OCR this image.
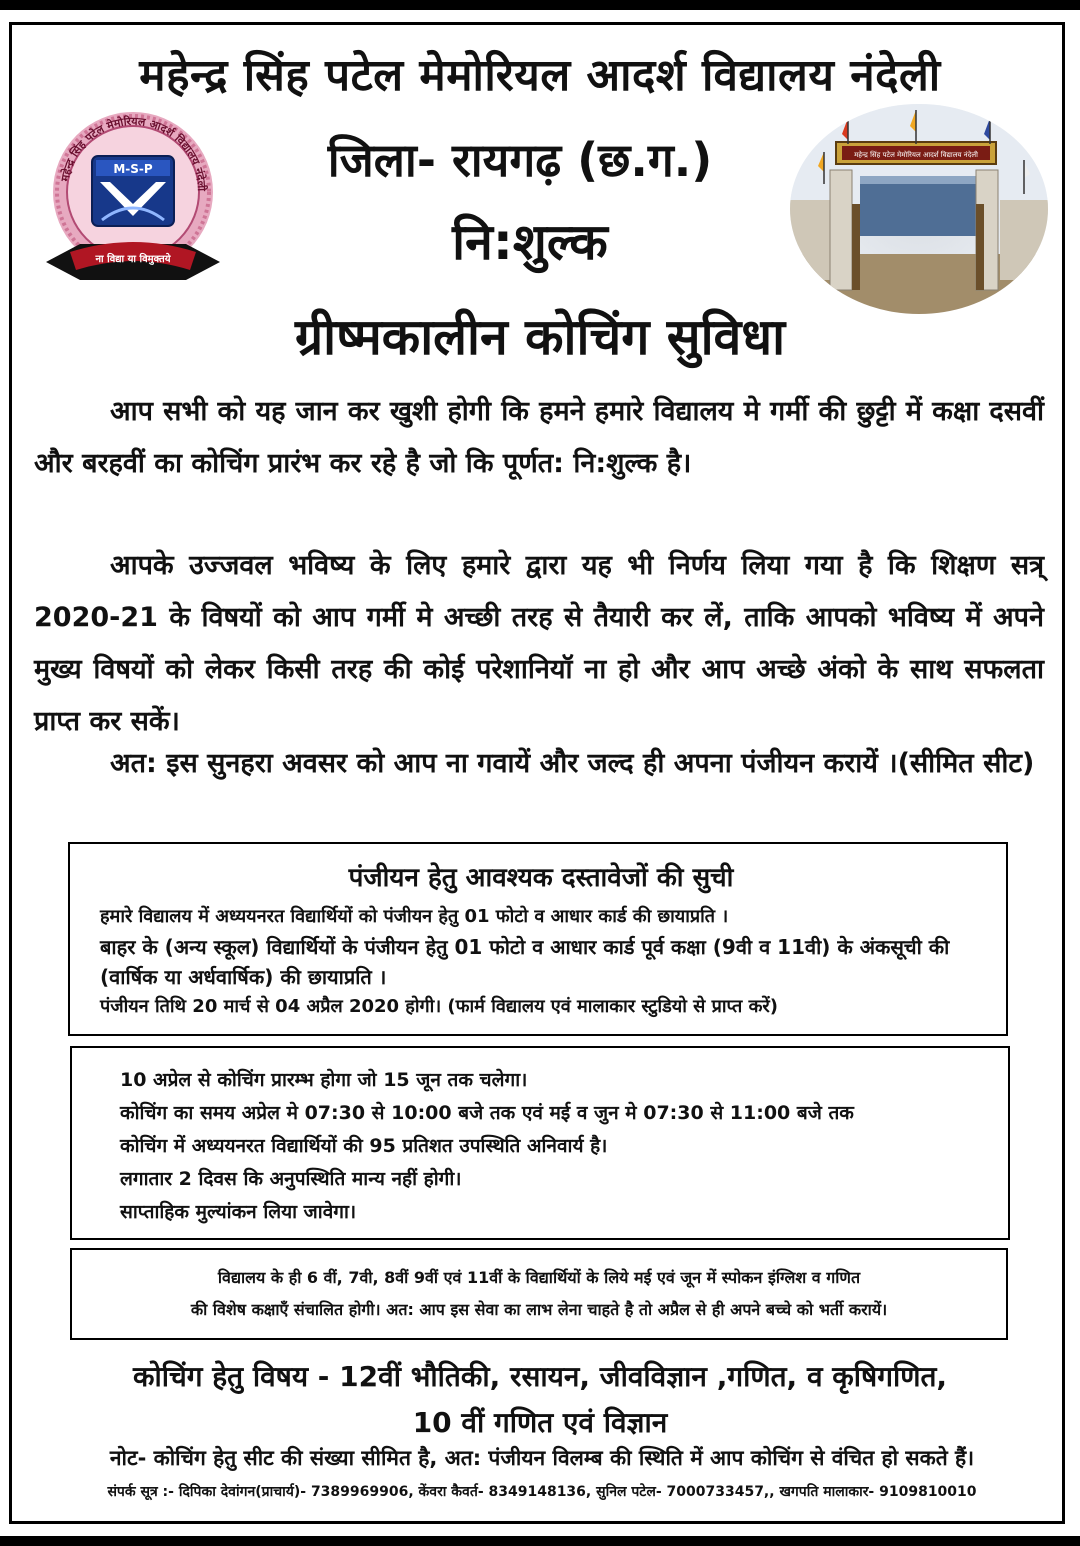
महेन्द्र सिंह पटेल मेमोरियल आदर्श विद्यालय नंदेली
महेन्द्र सिंह पटेल मेमोरियल आदर्श विद्यालय नंदेली
M-S-P
ना विद्या या विमुक्तये
जिला- रायगढ़ (छ.ग.)	महेन्द्र सिंह पटेल मेमोरियल आदर्श विद्यालय नंदेली
नि:शुल्क
ग्रीष्मकालीन कोचिंग सुविधा
आप सभी को यह जान कर खुशी होगी कि हमने हमारे विद्यालय मे गर्मी की छुट्टी में कक्षा दसवीं और बरहवीं का कोचिंग प्रारंभ कर रहे है जो कि पूर्णत: नि:शुल्क है।
आपके उज्जवल भविष्य के लिए हमारे द्वारा यह भी निर्णय लिया गया है कि शिक्षण सत्र् 2020-21 के विषयों को आप गर्मी मे अच्छी तरह से तैयारी कर लें, ताकि आपको भविष्य में अपने मुख्य विषयों को लेकर किसी तरह की कोई परेशानियॉ ना हो और आप अच्छे अंको के साथ सफलता प्राप्त कर सकें।
अत: इस सुनहरा अवसर को आप ना गवायें और जल्द ही अपना पंजीयन करायें ।(सीमित सीट)
पंजीयन हेतु आवश्यक दस्तावेजों की सुची
हमारे विद्यालय में अध्ययनरत विद्यार्थियों को पंजीयन हेतु 01 फोटो व आधार कार्ड की छायाप्रति ।
बाहर के (अन्य स्कूल) विद्यार्थियों के पंजीयन हेतु 01 फोटो व आधार कार्ड पूर्व कक्षा (9वी व 11वी) के अंकसूची की (वार्षिक या अर्धवार्षिक) की छायाप्रति ।
पंजीयन तिथि 20 मार्च से 04 अप्रैल 2020 होगी। (फार्म विद्यालय एवं मालाकार स्टुडियो से प्राप्त करें)
10 अप्रेल से कोचिंग प्रारम्भ होगा जो 15 जून तक चलेगा।
कोचिंग का समय अप्रेल मे 07:30 से 10:00 बजे तक एवं मई व जुन मे 07:30 से 11:00 बजे तक
कोचिंग में अध्ययनरत विद्यार्थियों की 95 प्रतिशत उपस्थिति अनिवार्य है।
लगातार 2 दिवस कि अनुपस्थिति मान्य नहीं होगी।
साप्ताहिक मुल्यांकन लिया जावेगा।
विद्यालय के ही 6 वीं, 7वी, 8वीं 9वीं एवं 11वीं के विद्यार्थियों के लिये मई एवं जून में स्पोकन इंग्लिश व गणित
की विशेष कक्षाएँ संचालित होगी। अत: आप इस सेवा का लाभ लेना चाहते है तो अप्रैल से ही अपने बच्चे को भर्ती करायें।
कोचिंग हेतु विषय - 12वीं भौतिकी, रसायन, जीवविज्ञान ,गणित, व कृषिगणित,
10 वीं गणित एवं विज्ञान
नोट- कोचिंग हेतु सीट की संख्या सीमित है, अत: पंजीयन विलम्ब की स्थिति में आप कोचिंग से वंचित हो सकते हैं।
संपर्क सूत्र :- दिपिका देवांगन(प्राचार्य)- 7389969906, केंवरा कैवर्त- 8349148136, सुनिल पटेल- 7000733457,, खगपति मालाकार- 9109810010
